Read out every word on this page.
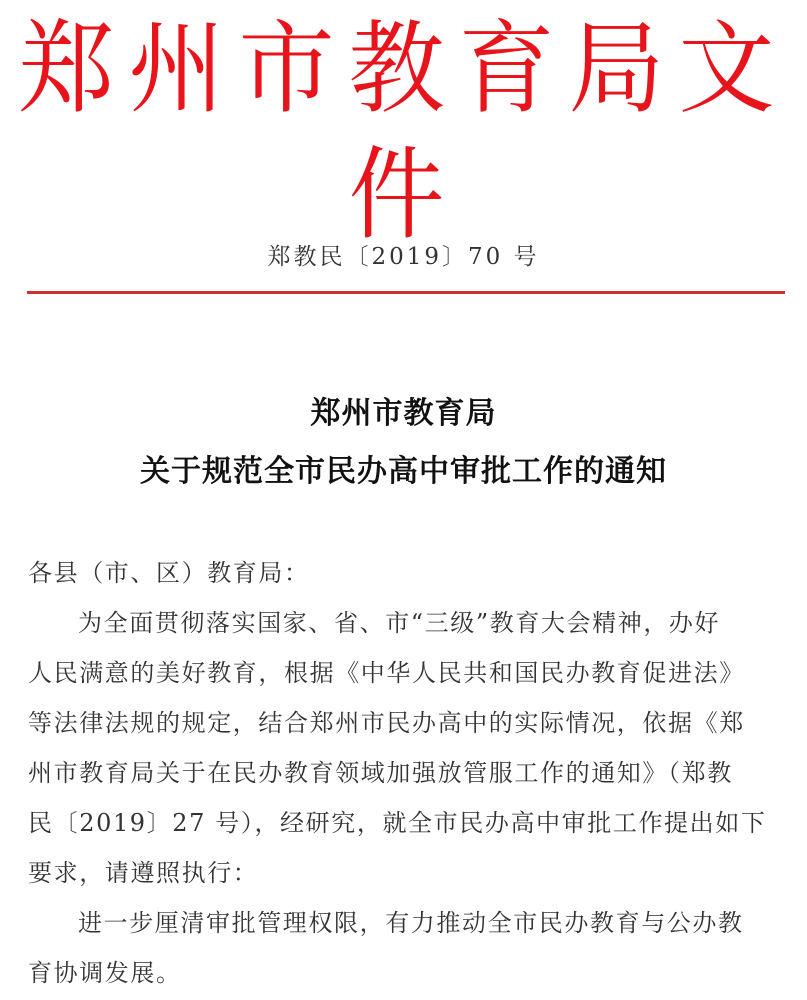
郑州市教育局文件
郑教民〔2019〕70 号
郑州市教育局
关于规范全市民办高中审批工作的通知
各县（市、区）教育局：
为全面贯彻落实国家、省、市“三级”教育大会精神，办好
人民满意的美好教育，根据《中华人民共和国民办教育促进法》
等法律法规的规定，结合郑州市民办高中的实际情况，依据《郑
州市教育局关于在民办教育领域加强放管服工作的通知》（郑教
民〔2019〕27 号），经研究，就全市民办高中审批工作提出如下
要求，请遵照执行：
进一步厘清审批管理权限，有力推动全市民办教育与公办教
育协调发展。
